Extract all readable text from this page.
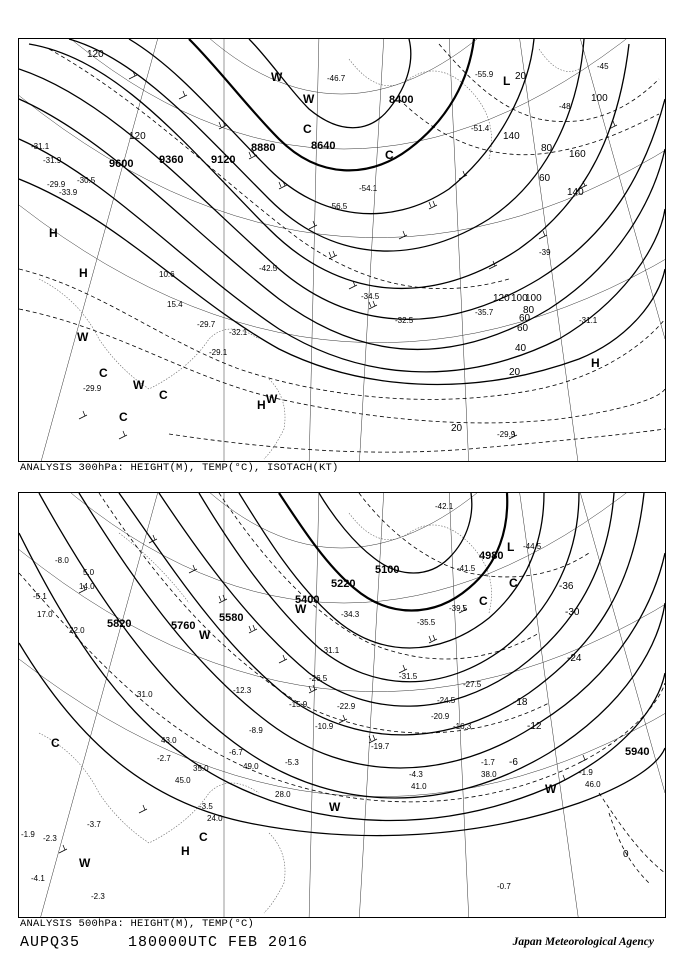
9600 9360	9120
8880	8640
8400
120
120	140
140
100
160
80
100
60
120
80
100
60
40
20
20
20
60
H
H
H
H
L
C
C
C
C
W
W
W
W
W
C
-31.1
-31.9
-29.9 -30.5
-33.9
-29.7
-32.1
-29.1
-29.9
-46.7	-55.9
-51.4
-42.5
-34.5
-35.7
-32.5	-31.1
-39
-45
-48
-54.1
-56.5
-29.9
10.6
15.4
ANALYSIS 300hPa: HEIGHT(M), TEMP(°C), ISOTACH(KT)
5820	5760
5580
5400
5220
5100
4980
5940
-36
-30
-24
-18
-12
-6
0
L
H
C
C
C
W
W
W
W
W
C
-8.0
-5.1
-1.9 -2.3
-4.1
-3.7
-2.3
-3.5
-2.7	-1.7
-1.9
-0.7
-42.1
-41.5
-39.5
-35.5
-31.5
-27.5
-24.5
-20.9
-16.3
-10.9
-5.3
-4.3
-44.5
-34.3
-31.1
-26.5
-22.9
-19.7
-15.9
-12.3
-8.9
-6.7
5.0
14.0
17.0
22.0
24.0
31.0
38.0
43.0
45.0
49.0
46.0
41.0
28.0
35.0
ANALYSIS 500hPa: HEIGHT(M), TEMP(°C)
AUPQ35	180000UTC FEB 2016	Japan Meteorological Agency
